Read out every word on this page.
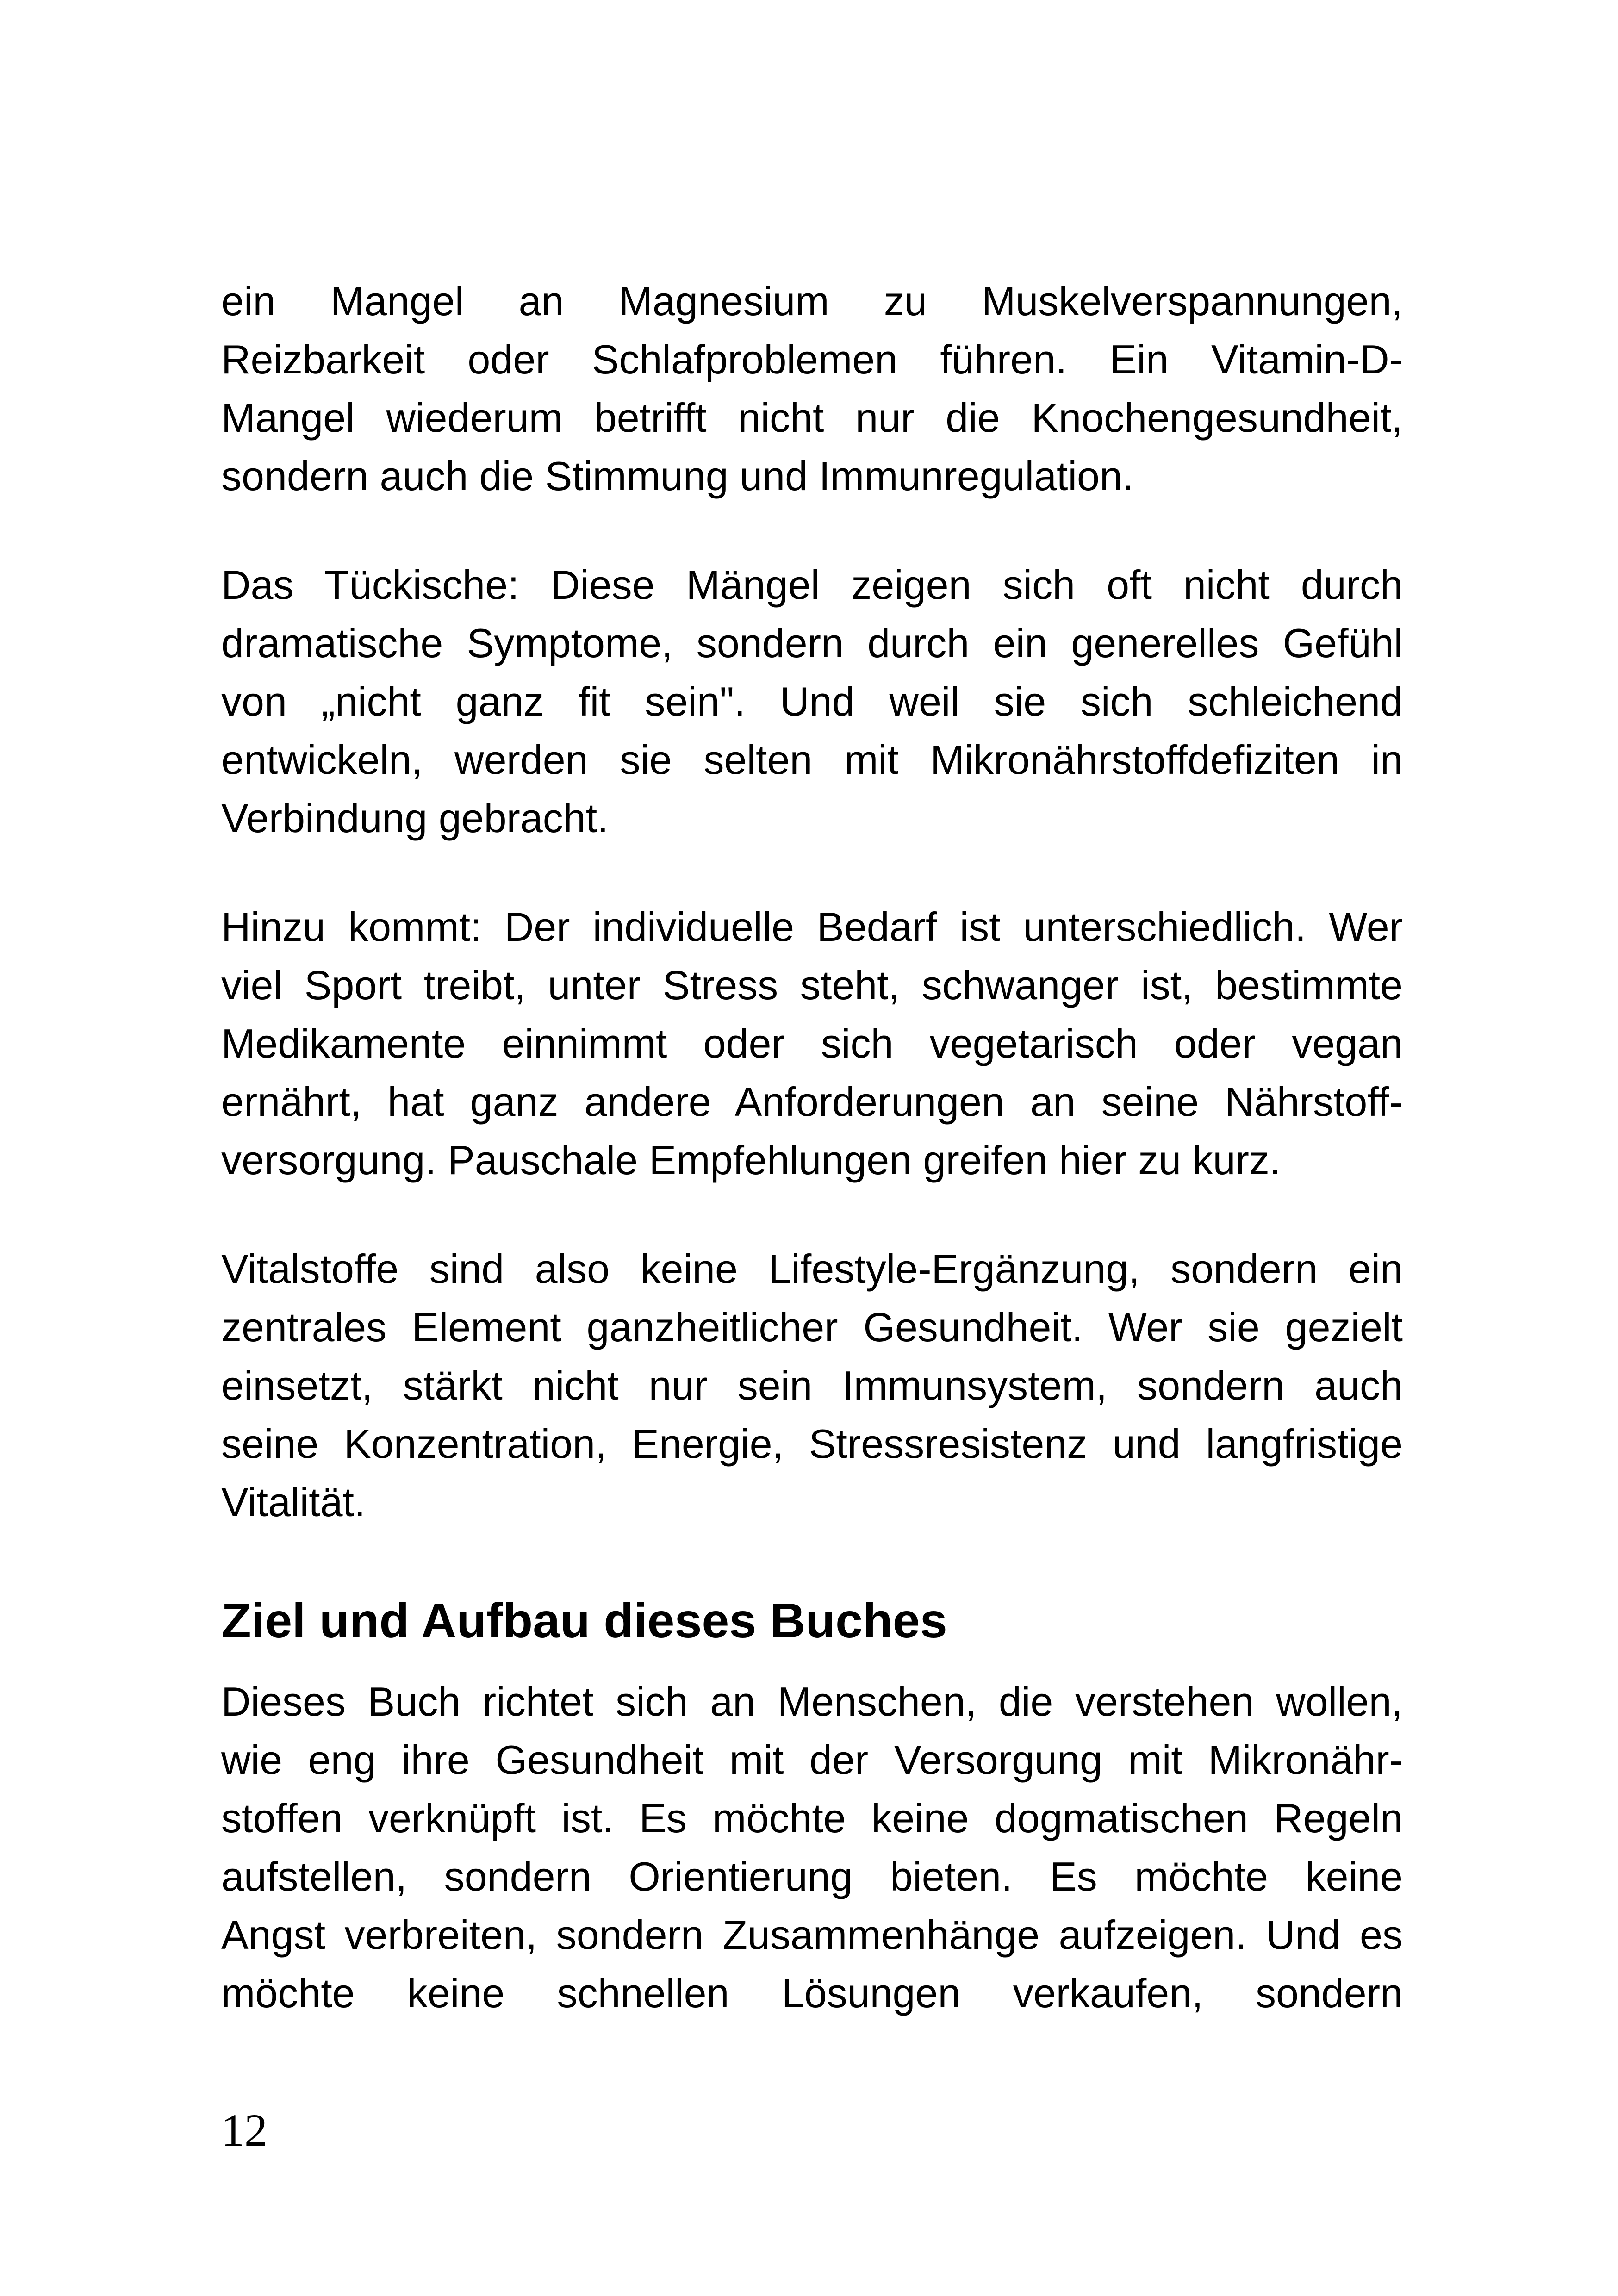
ein Mangel an Magnesium zu Muskelverspannungen,
Reizbarkeit oder Schlafproblemen führen. Ein Vitamin-D-
Mangel wiederum betrifft nicht nur die Knochengesundheit,
sondern auch die Stimmung und Immunregulation.
Das Tückische: Diese Mängel zeigen sich oft nicht durch
dramatische Symptome, sondern durch ein generelles Gefühl
von „nicht ganz fit sein". Und weil sie sich schleichend
entwickeln, werden sie selten mit Mikronährstoffdefiziten in
Verbindung gebracht.
Hinzu kommt: Der individuelle Bedarf ist unterschiedlich. Wer
viel Sport treibt, unter Stress steht, schwanger ist, bestimmte
Medikamente einnimmt oder sich vegetarisch oder vegan
ernährt, hat ganz andere Anforderungen an seine Nährstoff-
versorgung. Pauschale Empfehlungen greifen hier zu kurz.
Vitalstoffe sind also keine Lifestyle-Ergänzung, sondern ein
zentrales Element ganzheitlicher Gesundheit. Wer sie gezielt
einsetzt, stärkt nicht nur sein Immunsystem, sondern auch
seine Konzentration, Energie, Stressresistenz und langfristige
Vitalität.
Ziel und Aufbau dieses Buches
Dieses Buch richtet sich an Menschen, die verstehen wollen,
wie eng ihre Gesundheit mit der Versorgung mit Mikronähr-
stoffen verknüpft ist. Es möchte keine dogmatischen Regeln
aufstellen, sondern Orientierung bieten. Es möchte keine
Angst verbreiten, sondern Zusammenhänge aufzeigen. Und es
möchte keine schnellen Lösungen verkaufen, sondern
12
